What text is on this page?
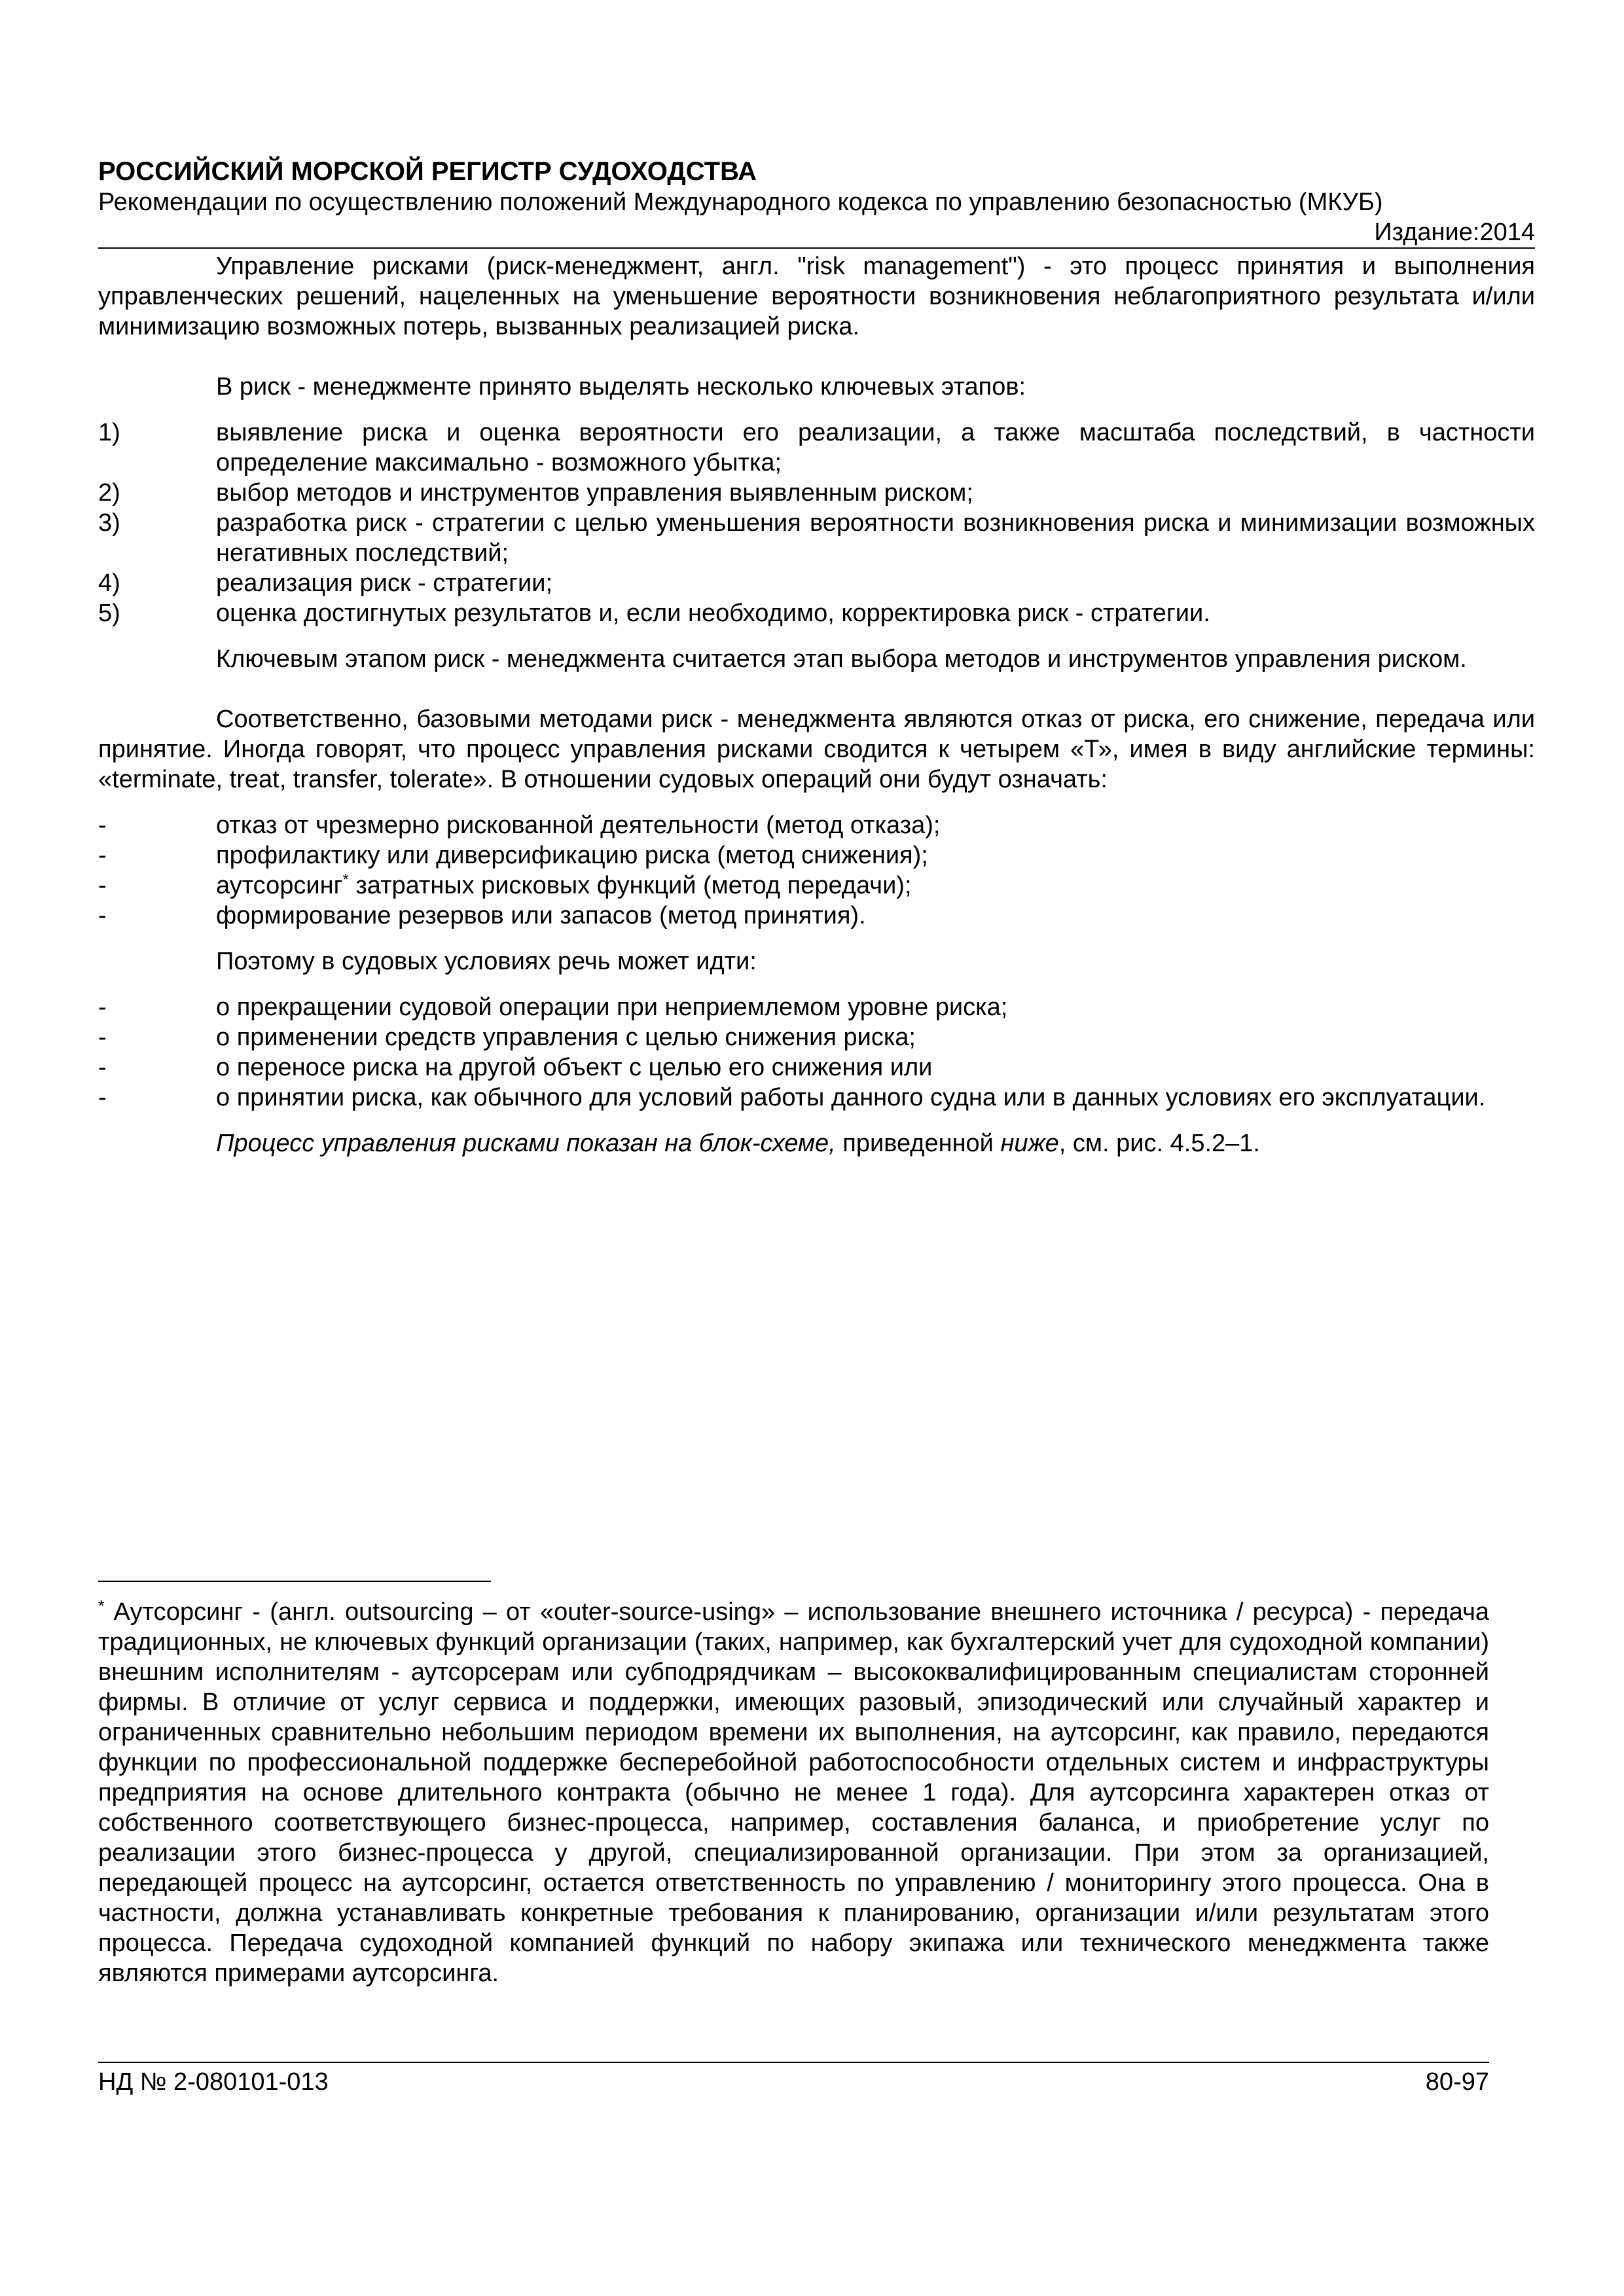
РОССИЙСКИЙ МОРСКОЙ РЕГИСТР СУДОХОДСТВА
Рекомендации по осуществлению положений Международного кодекса по управлению безопасностью (МКУБ)
Издание:2014

Управление рисками (риск-менеджмент, англ. "risk management") - это процесс принятия и выполнения управленческих решений, нацеленных на уменьшение вероятности возникновения неблагоприятного результата и/или минимизацию возможных потерь, вызванных реализацией риска.

В риск - менеджменте принято выделять несколько ключевых этапов:

1)	выявление риска и оценка вероятности его реализации, а также масштаба последствий, в частности определение максимально - возможного убытка;
2)	выбор методов и инструментов управления выявленным риском;
3)	разработка риск - стратегии с целью уменьшения вероятности возникновения риска и минимизации возможных негативных последствий;
4)	реализация риск - стратегии;
5)	оценка достигнутых результатов и, если необходимо, корректировка риск - стратегии.

Ключевым этапом риск - менеджмента считается этап выбора методов и инструментов управления риском.

Соответственно, базовыми методами риск - менеджмента являются отказ от риска, его снижение, передача или принятие. Иногда говорят, что процесс управления рисками сводится к четырем «Т», имея в виду английские термины: «terminate, treat, transfer, tolerate». В отношении судовых операций они будут означать:

-	отказ от чрезмерно рискованной деятельности (метод отказа);
-	профилактику или диверсификацию риска (метод снижения);
-	аутсорсинг* затратных рисковых функций (метод передачи);
-	формирование резервов или запасов (метод принятия).

Поэтому в судовых условиях речь может идти:

-	о прекращении судовой операции при неприемлемом уровне риска;
-	о применении средств управления с целью снижения риска;
-	о переносе риска на другой объект с целью его снижения или
-	о принятии риска, как обычного для условий работы данного судна или в данных условиях его эксплуатации.

Процесс управления рисками показан на блок-схеме, приведенной ниже, см. рис. 4.5.2–1.

* Аутсорсинг - (англ. outsourcing – от «outer-source-using» – использование внешнего источника / ресурса) - передача традиционных, не ключевых функций организации (таких, например, как бухгалтерский учет для судоходной компании) внешним исполнителям - аутсорсерам или субподрядчикам – высококвалифицированным специалистам сторонней фирмы. В отличие от услуг сервиса и поддержки, имеющих разовый, эпизодический или случайный характер и ограниченных сравнительно небольшим периодом времени их выполнения, на аутсорсинг, как правило, передаются функции по профессиональной поддержке бесперебойной работоспособности отдельных систем и инфраструктуры предприятия на основе длительного контракта (обычно не менее 1 года). Для аутсорсинга характерен отказ от собственного соответствующего бизнес-процесса, например, составления баланса, и приобретение услуг по реализации этого бизнес-процесса у другой, специализированной организации. При этом за организацией, передающей процесс на аутсорсинг, остается ответственность по управлению / мониторингу этого процесса. Она в частности, должна устанавливать конкретные требования к планированию, организации и/или результатам этого процесса. Передача судоходной компанией функций по набору экипажа или технического менеджмента также являются примерами аутсорсинга.

НД № 2-080101-013	80-97
